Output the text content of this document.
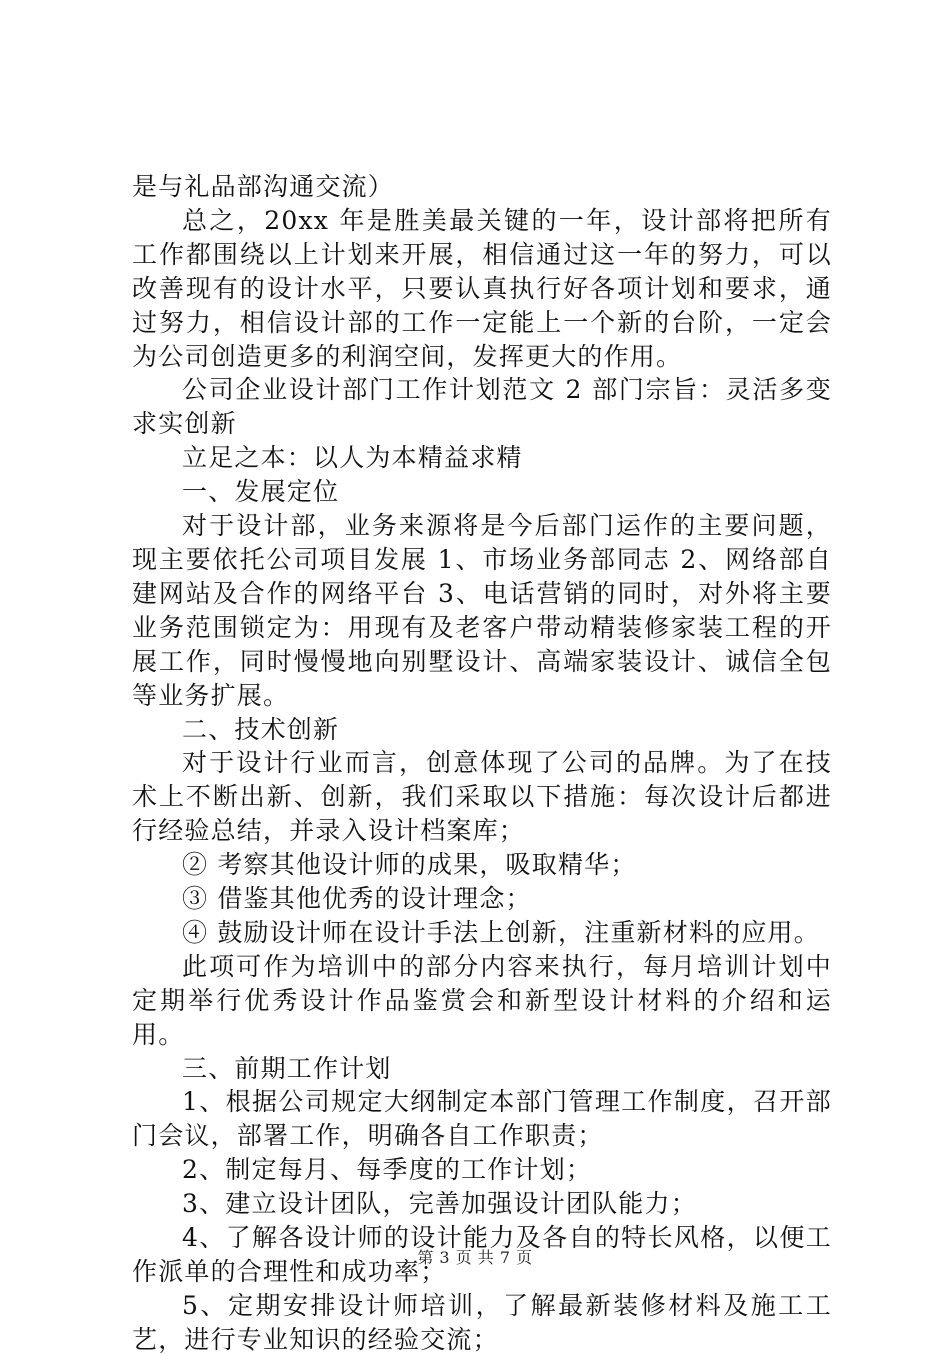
是与礼品部沟通交流）

总之，20xx 年是胜美最关键的一年，设计部将把所有工作都围绕以上计划来开展，相信通过这一年的努力，可以改善现有的设计水平，只要认真执行好各项计划和要求，通过努力，相信设计部的工作一定能上一个新的台阶，一定会为公司创造更多的利润空间，发挥更大的作用。

公司企业设计部门工作计划范文 2 部门宗旨：灵活多变求实创新

立足之本：以人为本精益求精

一、发展定位

对于设计部，业务来源将是今后部门运作的主要问题，现主要依托公司项目发展 1、市场业务部同志 2、网络部自建网站及合作的网络平台 3、电话营销的同时，对外将主要业务范围锁定为：用现有及老客户带动精装修家装工程的开展工作，同时慢慢地向别墅设计、高端家装设计、诚信全包等业务扩展。

二、技术创新

对于设计行业而言，创意体现了公司的品牌。为了在技术上不断出新、创新，我们采取以下措施：每次设计后都进行经验总结，并录入设计档案库；

② 考察其他设计师的成果，吸取精华；

③ 借鉴其他优秀的设计理念；

④ 鼓励设计师在设计手法上创新，注重新材料的应用。

此项可作为培训中的部分内容来执行，每月培训计划中定期举行优秀设计作品鉴赏会和新型设计材料的介绍和运用。

三、前期工作计划

1、根据公司规定大纲制定本部门管理工作制度，召开部门会议，部署工作，明确各自工作职责；

2、制定每月、每季度的工作计划；

3、建立设计团队，完善加强设计团队能力；

4、了解各设计师的设计能力及各自的特长风格，以便工作派单的合理性和成功率；

5、定期安排设计师培训，了解最新装修材料及施工工艺，进行专业知识的经验交流；

第 3 页 共 7 页
